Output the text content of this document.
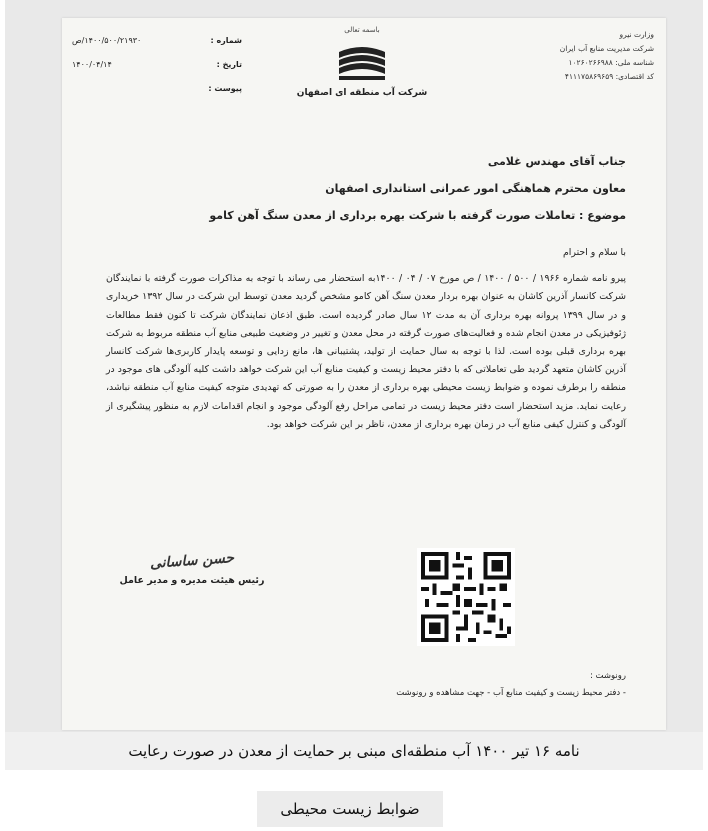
شماره :
۱۴۰۰/۵۰۰/۲۱۹۳۰/ص
تاریخ :
۱۴۰۰/۰۴/۱۴
پیوست :
باسمه تعالی
شرکت آب منطقه ای اصفهان
وزارت نیرو
شرکت مدیریت منابع آب ایران
شناسه ملی: ۱۰۲۶۰۲۶۶۹۸۸
کد اقتصادی: ۴۱۱۱۷۵۸۶۹۶۵۹
جناب آقای مهندس غلامی
معاون محترم هماهنگی امور عمرانی استانداری اصفهان
موضوع : تعاملات صورت گرفته با شرکت بهره برداری از معدن سنگ آهن کامو

با سلام و احترام

پیرو نامه شماره ۱۹۶۶ / ۵۰۰ / ۱۴۰۰ / ص مورخ ۰۷ / ۰۴ / ۱۴۰۰به استحضار می رساند با توجه به مذاکرات صورت گرفته با نمایندگان شرکت کانسار آذرین کاشان به عنوان بهره بردار معدن سنگ آهن کامو مشخص گردید معدن توسط این شرکت در سال ۱۳۹۲ خریداری و در سال ۱۳۹۹ پروانه بهره برداری آن به مدت ۱۲ سال صادر گردیده است. طبق اذعان نمایندگان شرکت تا کنون فقط مطالعات ژئوفیزیکی در معدن انجام شده و فعالیت‌های صورت گرفته در محل معدن و تغییر در وضعیت طبیعی منابع آب منطقه مربوط به شرکت بهره برداری قبلی بوده است. لذا با توجه به سال حمایت از تولید، پشتیبانی ها، مانع زدایی و توسعه پایدار کاربری‌ها شرکت کانسار آذرین کاشان متعهد گردید طی تعاملاتی که با دفتر محیط زیست و کیفیت منابع آب این شرکت خواهد داشت کلیه آلودگی های موجود در منطقه را برطرف نموده و ضوابط زیست محیطی بهره برداری از معدن را به صورتی که تهدیدی متوجه کیفیت منابع آب منطقه نباشد، رعایت نماید. مزید استحضار است دفتر محیط زیست در تمامی مراحل رفع آلودگی موجود و انجام اقدامات لازم به منظور پیشگیری از آلودگی و کنترل کیفی منابع آب در زمان بهره برداری از معدن، ناظر بر این شرکت خواهد بود.

حسن ساسانی
رئیس هیئت مدیره و مدیر عامل
رونوشت :
- دفتر محیط زیست و کیفیت منابع آب - جهت مشاهده و رونوشت
نامه ۱۶ تیر ۱۴۰۰ آب منطقه‌ای مبنی بر حمایت از معدن در صورت رعایت
ضوابط زیست محیطی
